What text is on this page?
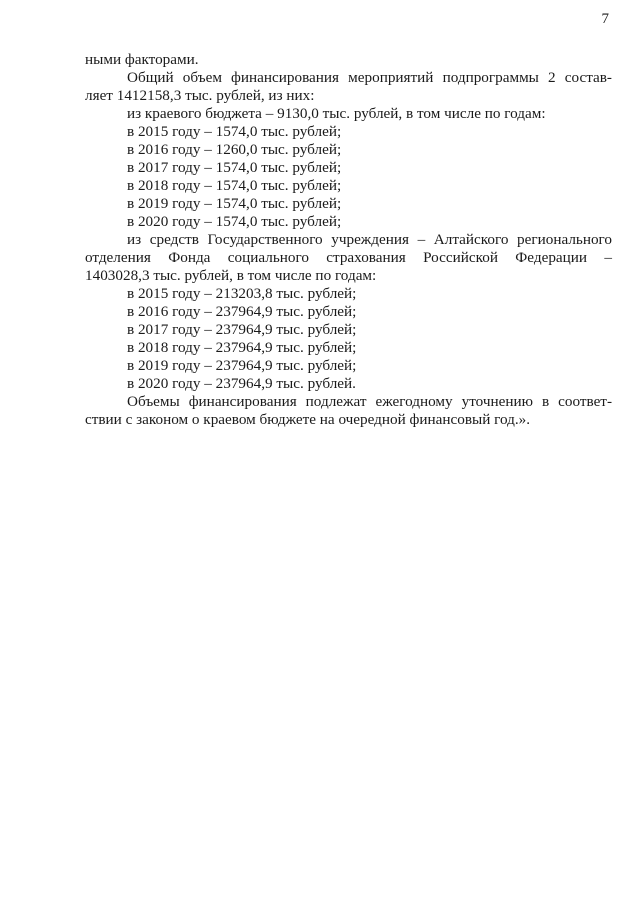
7
ными факторами.
Общий объем финансирования мероприятий подпрограммы 2 состав-
ляет 1412158,3 тыс. рублей, из них:
из краевого бюджета – 9130,0 тыс. рублей, в том числе по годам:
в 2015 году – 1574,0 тыс. рублей;
в 2016 году – 1260,0 тыс. рублей;
в 2017 году – 1574,0 тыс. рублей;
в 2018 году – 1574,0 тыс. рублей;
в 2019 году – 1574,0 тыс. рублей;
в 2020 году – 1574,0 тыс. рублей;
из средств Государственного учреждения – Алтайского регионального
отделения Фонда социального страхования Российской Федерации –
1403028,3 тыс. рублей, в том числе по годам:
в 2015 году – 213203,8 тыс. рублей;
в 2016 году – 237964,9 тыс. рублей;
в 2017 году – 237964,9 тыс. рублей;
в 2018 году – 237964,9 тыс. рублей;
в 2019 году – 237964,9 тыс. рублей;
в 2020 году – 237964,9 тыс. рублей.
Объемы финансирования подлежат ежегодному уточнению в соответ-
ствии с законом о краевом бюджете на очередной финансовый год.».
